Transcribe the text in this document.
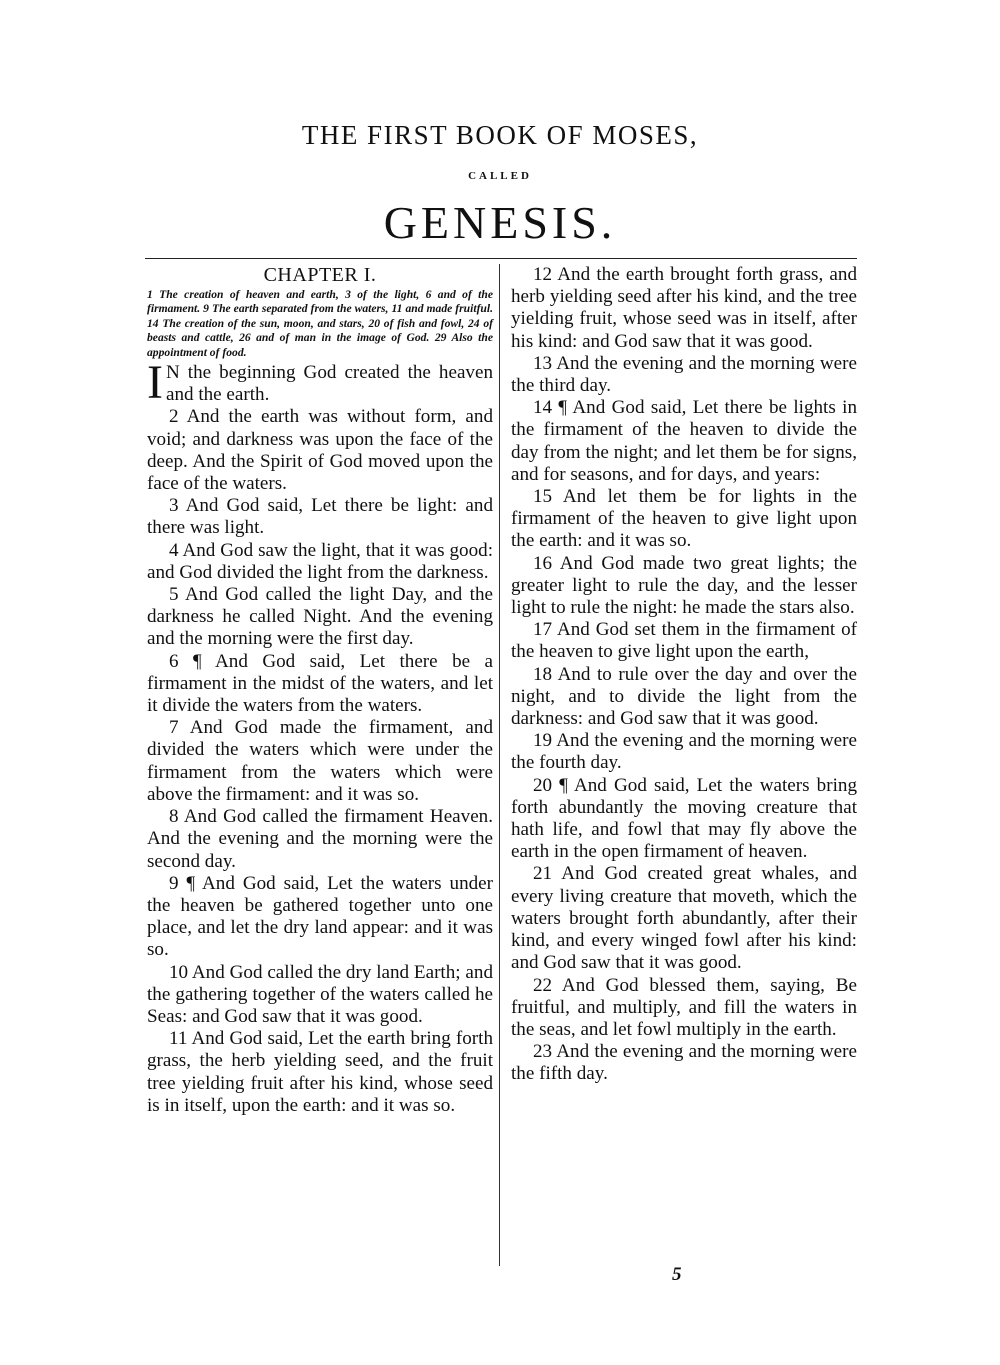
THE FIRST BOOK OF MOSES,
CALLED
GENESIS.

CHAPTER I.

1 The creation of heaven and earth, 3 of the light, 6 and of the firmament. 9 The earth separated from the waters, 11 and made fruitful. 14 The creation of the sun, moon, and stars, 20 of fish and fowl, 24 of beasts and cattle, 26 and of man in the image of God. 29 Also the appointment of food.

I N the beginning God created the heaven and the earth.

2 And the earth was without form, and void; and darkness was upon the face of the deep. And the Spirit of God moved upon the face of the waters.

3 And God said, Let there be light: and there was light.

4 And God saw the light, that it was good: and God divided the light from the darkness.

5 And God called the light Day, and the darkness he called Night. And the evening and the morning were the first day.

6 ¶ And God said, Let there be a firmament in the midst of the waters, and let it divide the waters from the waters.

7 And God made the firmament, and divided the waters which were under the firmament from the waters which were above the firmament: and it was so.

8 And God called the firmament Heaven. And the evening and the morning were the second day.

9 ¶ And God said, Let the waters under the heaven be gathered together unto one place, and let the dry land appear: and it was so.

10 And God called the dry land Earth; and the gathering together of the waters called he Seas: and God saw that it was good.

11 And God said, Let the earth bring forth grass, the herb yielding seed, and the fruit tree yielding fruit after his kind, whose seed is in itself, upon the earth: and it was so.

12 And the earth brought forth grass, and herb yielding seed after his kind, and the tree yielding fruit, whose seed was in itself, after his kind: and God saw that it was good.

13 And the evening and the morning were the third day.

14 ¶ And God said, Let there be lights in the firmament of the heaven to divide the day from the night; and let them be for signs, and for seasons, and for days, and years:

15 And let them be for lights in the firmament of the heaven to give light upon the earth: and it was so.

16 And God made two great lights; the greater light to rule the day, and the lesser light to rule the night: he made the stars also.

17 And God set them in the firmament of the heaven to give light upon the earth,

18 And to rule over the day and over the night, and to divide the light from the darkness: and God saw that it was good.

19 And the evening and the morning were the fourth day.

20 ¶ And God said, Let the waters bring forth abundantly the moving creature that hath life, and fowl that may fly above the earth in the open firmament of heaven.

21 And God created great whales, and every living creature that moveth, which the waters brought forth abundantly, after their kind, and every winged fowl after his kind: and God saw that it was good.

22 And God blessed them, saying, Be fruitful, and multiply, and fill the waters in the seas, and let fowl multiply in the earth.

23 And the evening and the morning were the fifth day.

5
